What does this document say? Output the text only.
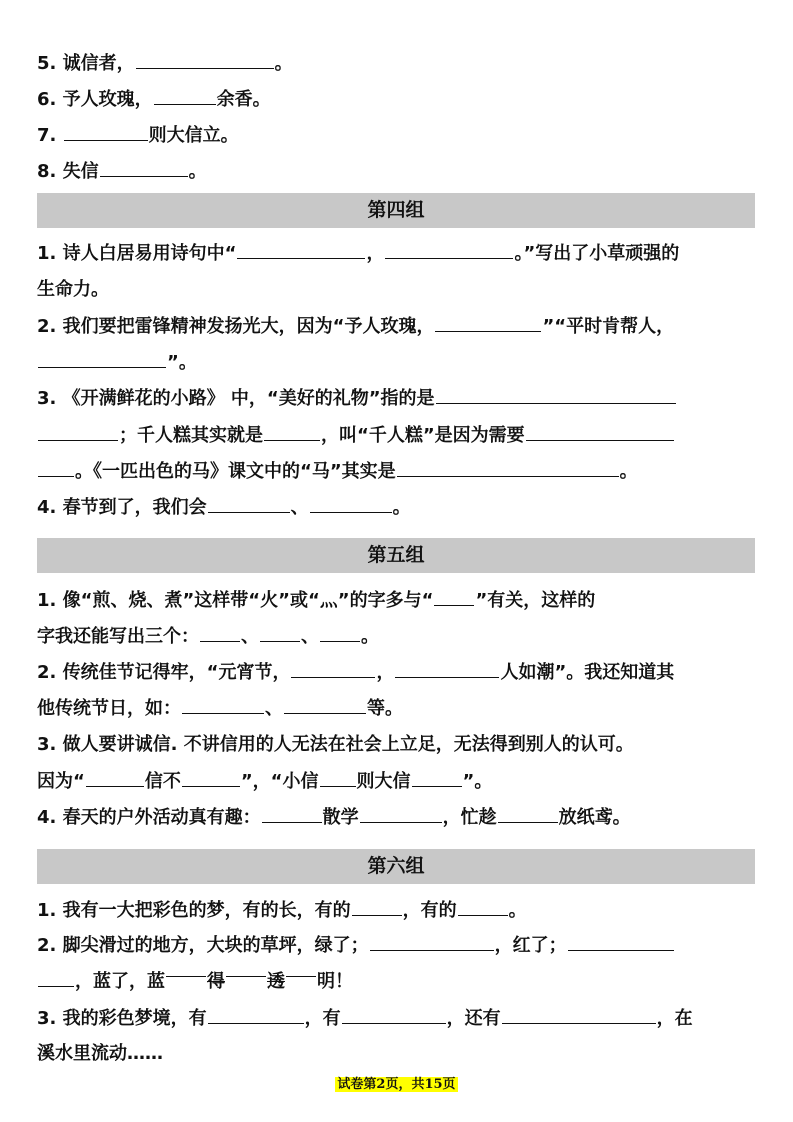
5. 诚信者，	。
6. 予人玫瑰，	余香。
7.	则大信立。
8. 失信	。
第四组
1. 诗人白居易用诗句中“	，	。”写出了小草顽强的
生命力。
2. 我们要把雷锋精神发扬光大，因为“予人玫瑰，	”“平时肯帮人，
”。
3. 《开满鲜花的小路》 中，“美好的礼物”指的是
；千人糕其实就是	，叫“千人糕”是因为需要
。《一匹出色的马》课文中的“马”其实是	。
4. 春节到了，我们会	、	。
第五组
1. 像“煎、烧、煮”这样带“火”或“灬”的字多与“ ”有关，这样的
字我还能写出三个： 、 、 。
2. 传统佳节记得牢，“元宵节，	，	人如潮”。我还知道其
他传统节日，如：	、	等。
3. 做人要讲诚信. 不讲信用的人无法在社会上立足，无法得到别人的认可。
因为“	信不	”，“小信 则大信	”。
4. 春天的户外活动真有趣：	散学	，忙趁	放纸鸢。
第六组
1. 我有一大把彩色的梦，有的长，有的	，有的	。
2. 脚尖滑过的地方，大块的草坪，绿了；	，红了；
，蓝了，蓝 得 透 明！
3. 我的彩色梦境，有	，有	，还有	，在
溪水里流动……
试卷第2页，共15页
